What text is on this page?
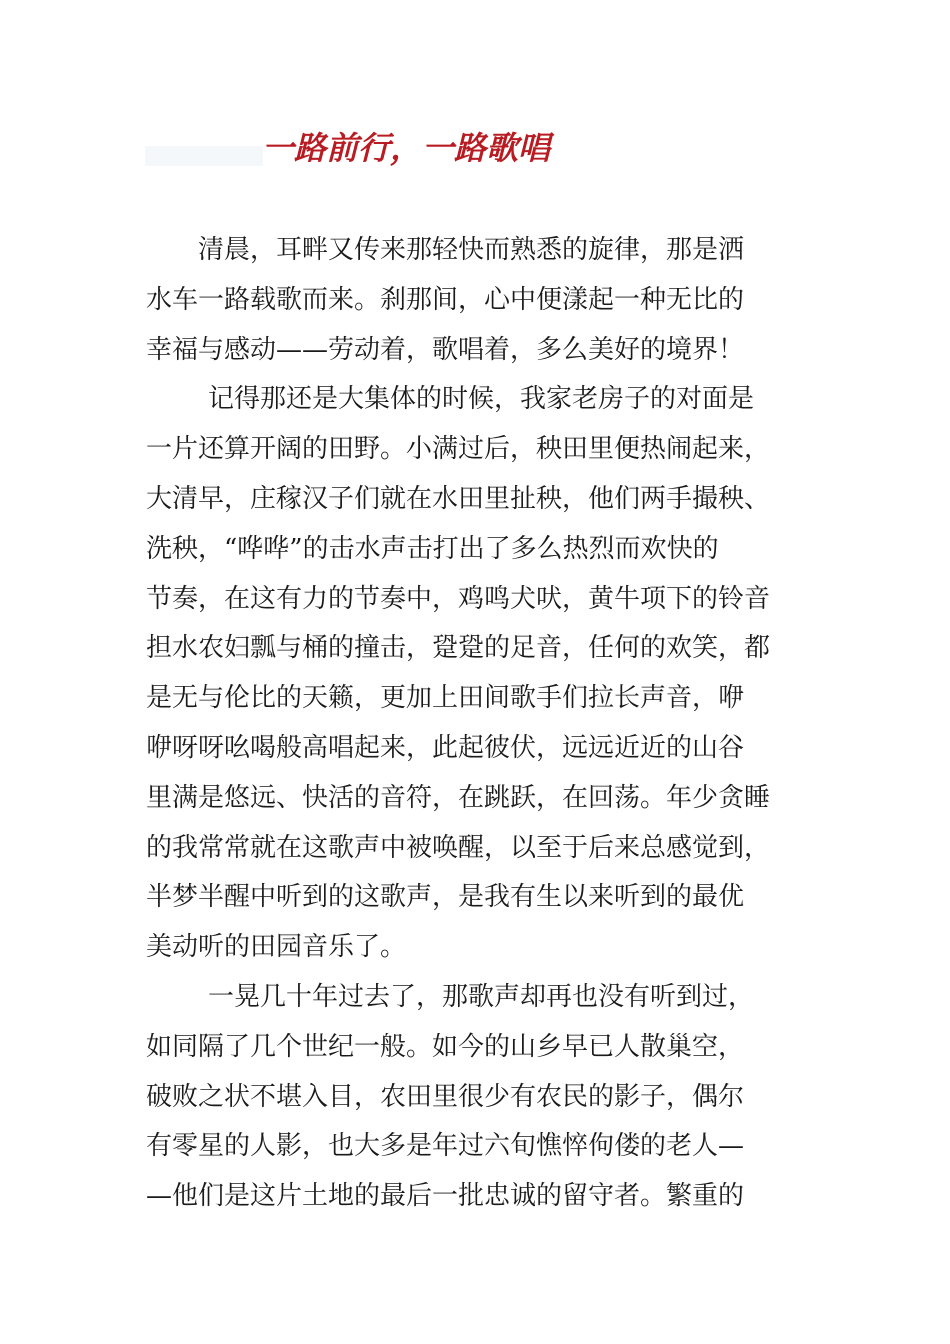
一路前行，一路歌唱
清晨，耳畔又传来那轻快而熟悉的旋律，那是洒
水车一路载歌而来。刹那间，心中便漾起一种无比的
幸福与感动——劳动着，歌唱着，多么美好的境界！
记得那还是大集体的时候，我家老房子的对面是
一片还算开阔的田野。小满过后，秧田里便热闹起来，
大清早，庄稼汉子们就在水田里扯秧，他们两手撮秧、
洗秧，“哗哗”的击水声击打出了多么热烈而欢快的
节奏，在这有力的节奏中，鸡鸣犬吠，黄牛项下的铃音
担水农妇瓢与桶的撞击，跫跫的足音，任何的欢笑，都
是无与伦比的天籁，更加上田间歌手们拉长声音，咿
咿呀呀吆喝般高唱起来，此起彼伏，远远近近的山谷
里满是悠远、快活的音符，在跳跃，在回荡。年少贪睡
的我常常就在这歌声中被唤醒，以至于后来总感觉到，
半梦半醒中听到的这歌声，是我有生以来听到的最优
美动听的田园音乐了。
一晃几十年过去了，那歌声却再也没有听到过，
如同隔了几个世纪一般。如今的山乡早已人散巢空，
破败之状不堪入目，农田里很少有农民的影子，偶尔
有零星的人影，也大多是年过六旬憔悴佝偻的老人—
—他们是这片土地的最后一批忠诚的留守者。繁重的
